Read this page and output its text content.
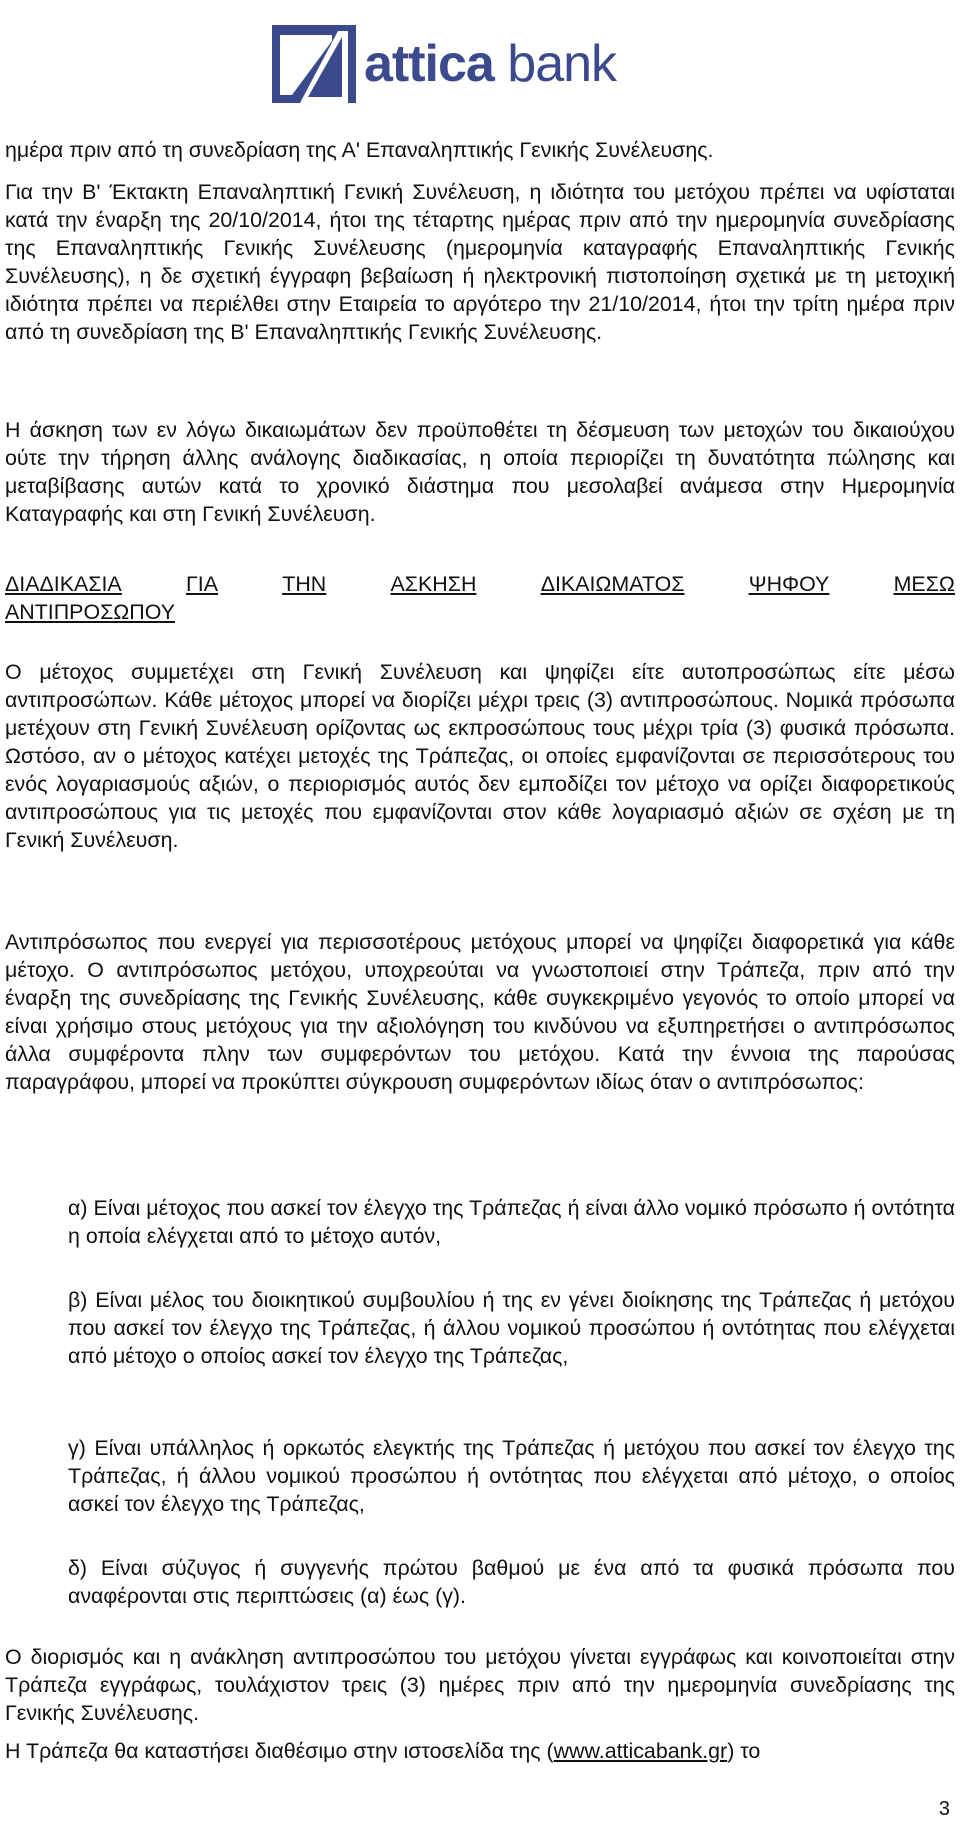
attica bank

ημέρα πριν από τη συνεδρίαση της Α' Επαναληπτικής Γενικής Συνέλευσης.

Για την Β' Έκτακτη Επαναληπτική Γενική Συνέλευση, η ιδιότητα του μετόχου πρέπει να υφίσταται κατά την έναρξη της 20/10/2014, ήτοι της τέταρτης ημέρας πριν από την ημερομηνία συνεδρίασης της Επαναληπτικής Γενικής Συνέλευσης (ημερομηνία καταγραφής Επαναληπτικής Γενικής Συνέλευσης), η δε σχετική έγγραφη βεβαίωση ή ηλεκτρονική πιστοποίηση σχετικά με τη μετοχική ιδιότητα πρέπει να περιέλθει στην Εταιρεία το αργότερο την 21/10/2014, ήτοι την τρίτη ημέρα πριν από τη συνεδρίαση της Β' Επαναληπτικής Γενικής Συνέλευσης.

Η άσκηση των εν λόγω δικαιωμάτων δεν προϋποθέτει τη δέσμευση των μετοχών του δικαιούχου ούτε την τήρηση άλλης ανάλογης διαδικασίας, η οποία περιορίζει τη δυνατότητα πώλησης και μεταβίβασης αυτών κατά το χρονικό διάστημα που μεσολαβεί ανάμεσα στην Ημερομηνία Καταγραφής και στη Γενική Συνέλευση.

ΔΙΑΔΙΚΑΣΙΑ	ΓΙΑ	ΤΗΝ	ΑΣΚΗΣΗ	ΔΙΚΑΙΩΜΑΤΟΣ	ΨΗΦΟΥ	ΜΕΣΩ
ΑΝΤΙΠΡΟΣΩΠΟΥ

Ο μέτοχος συμμετέχει στη Γενική Συνέλευση και ψηφίζει είτε αυτοπροσώπως είτε μέσω αντιπροσώπων. Κάθε μέτοχος μπορεί να διορίζει μέχρι τρεις (3) αντιπροσώπους. Νομικά πρόσωπα μετέχουν στη Γενική Συνέλευση ορίζοντας ως εκπροσώπους τους μέχρι τρία (3) φυσικά πρόσωπα. Ωστόσο, αν ο μέτοχος κατέχει μετοχές της Τράπεζας, οι οποίες εμφανίζονται σε περισσότερους του ενός λογαριασμούς αξιών, ο περιορισμός αυτός δεν εμποδίζει τον μέτοχο να ορίζει διαφορετικούς αντιπροσώπους για τις μετοχές που εμφανίζονται στον κάθε λογαριασμό αξιών σε σχέση με τη Γενική Συνέλευση.

Αντιπρόσωπος που ενεργεί για περισσοτέρους μετόχους μπορεί να ψηφίζει διαφορετικά για κάθε μέτοχο. Ο αντιπρόσωπος μετόχου, υποχρεούται να γνωστοποιεί στην Τράπεζα, πριν από την έναρξη της συνεδρίασης της Γενικής Συνέλευσης, κάθε συγκεκριμένο γεγονός το οποίο μπορεί να είναι χρήσιμο στους μετόχους για την αξιολόγηση του κινδύνου να εξυπηρετήσει ο αντιπρόσωπος άλλα συμφέροντα πλην των συμφερόντων του μετόχου. Κατά την έννοια της παρούσας παραγράφου, μπορεί να προκύπτει σύγκρουση συμφερόντων ιδίως όταν ο αντιπρόσωπος:

α) Είναι μέτοχος που ασκεί τον έλεγχο της Τράπεζας ή είναι άλλο νομικό πρόσωπο ή οντότητα η οποία ελέγχεται από το μέτοχο αυτόν,

β) Είναι μέλος του διοικητικού συμβουλίου ή της εν γένει διοίκησης της Τράπεζας ή μετόχου που ασκεί τον έλεγχο της Τράπεζας, ή άλλου νομικού προσώπου ή οντότητας που ελέγχεται από μέτοχο ο οποίος ασκεί τον έλεγχο της Τράπεζας,

γ) Είναι υπάλληλος ή ορκωτός ελεγκτής της Τράπεζας ή μετόχου που ασκεί τον έλεγχο της Τράπεζας, ή άλλου νομικού προσώπου ή οντότητας που ελέγχεται από μέτοχο, ο οποίος ασκεί τον έλεγχο της Τράπεζας,

δ) Είναι σύζυγος ή συγγενής πρώτου βαθμού με ένα από τα φυσικά πρόσωπα που αναφέρονται στις περιπτώσεις (α) έως (γ).

Ο διορισμός και η ανάκληση αντιπροσώπου του μετόχου γίνεται εγγράφως και κοινοποιείται στην Τράπεζα εγγράφως, τουλάχιστον τρεις (3) ημέρες πριν από την ημερομηνία συνεδρίασης της Γενικής Συνέλευσης.

Η Τράπεζα θα καταστήσει διαθέσιμο στην ιστοσελίδα της (www.atticabank.gr) το

3
